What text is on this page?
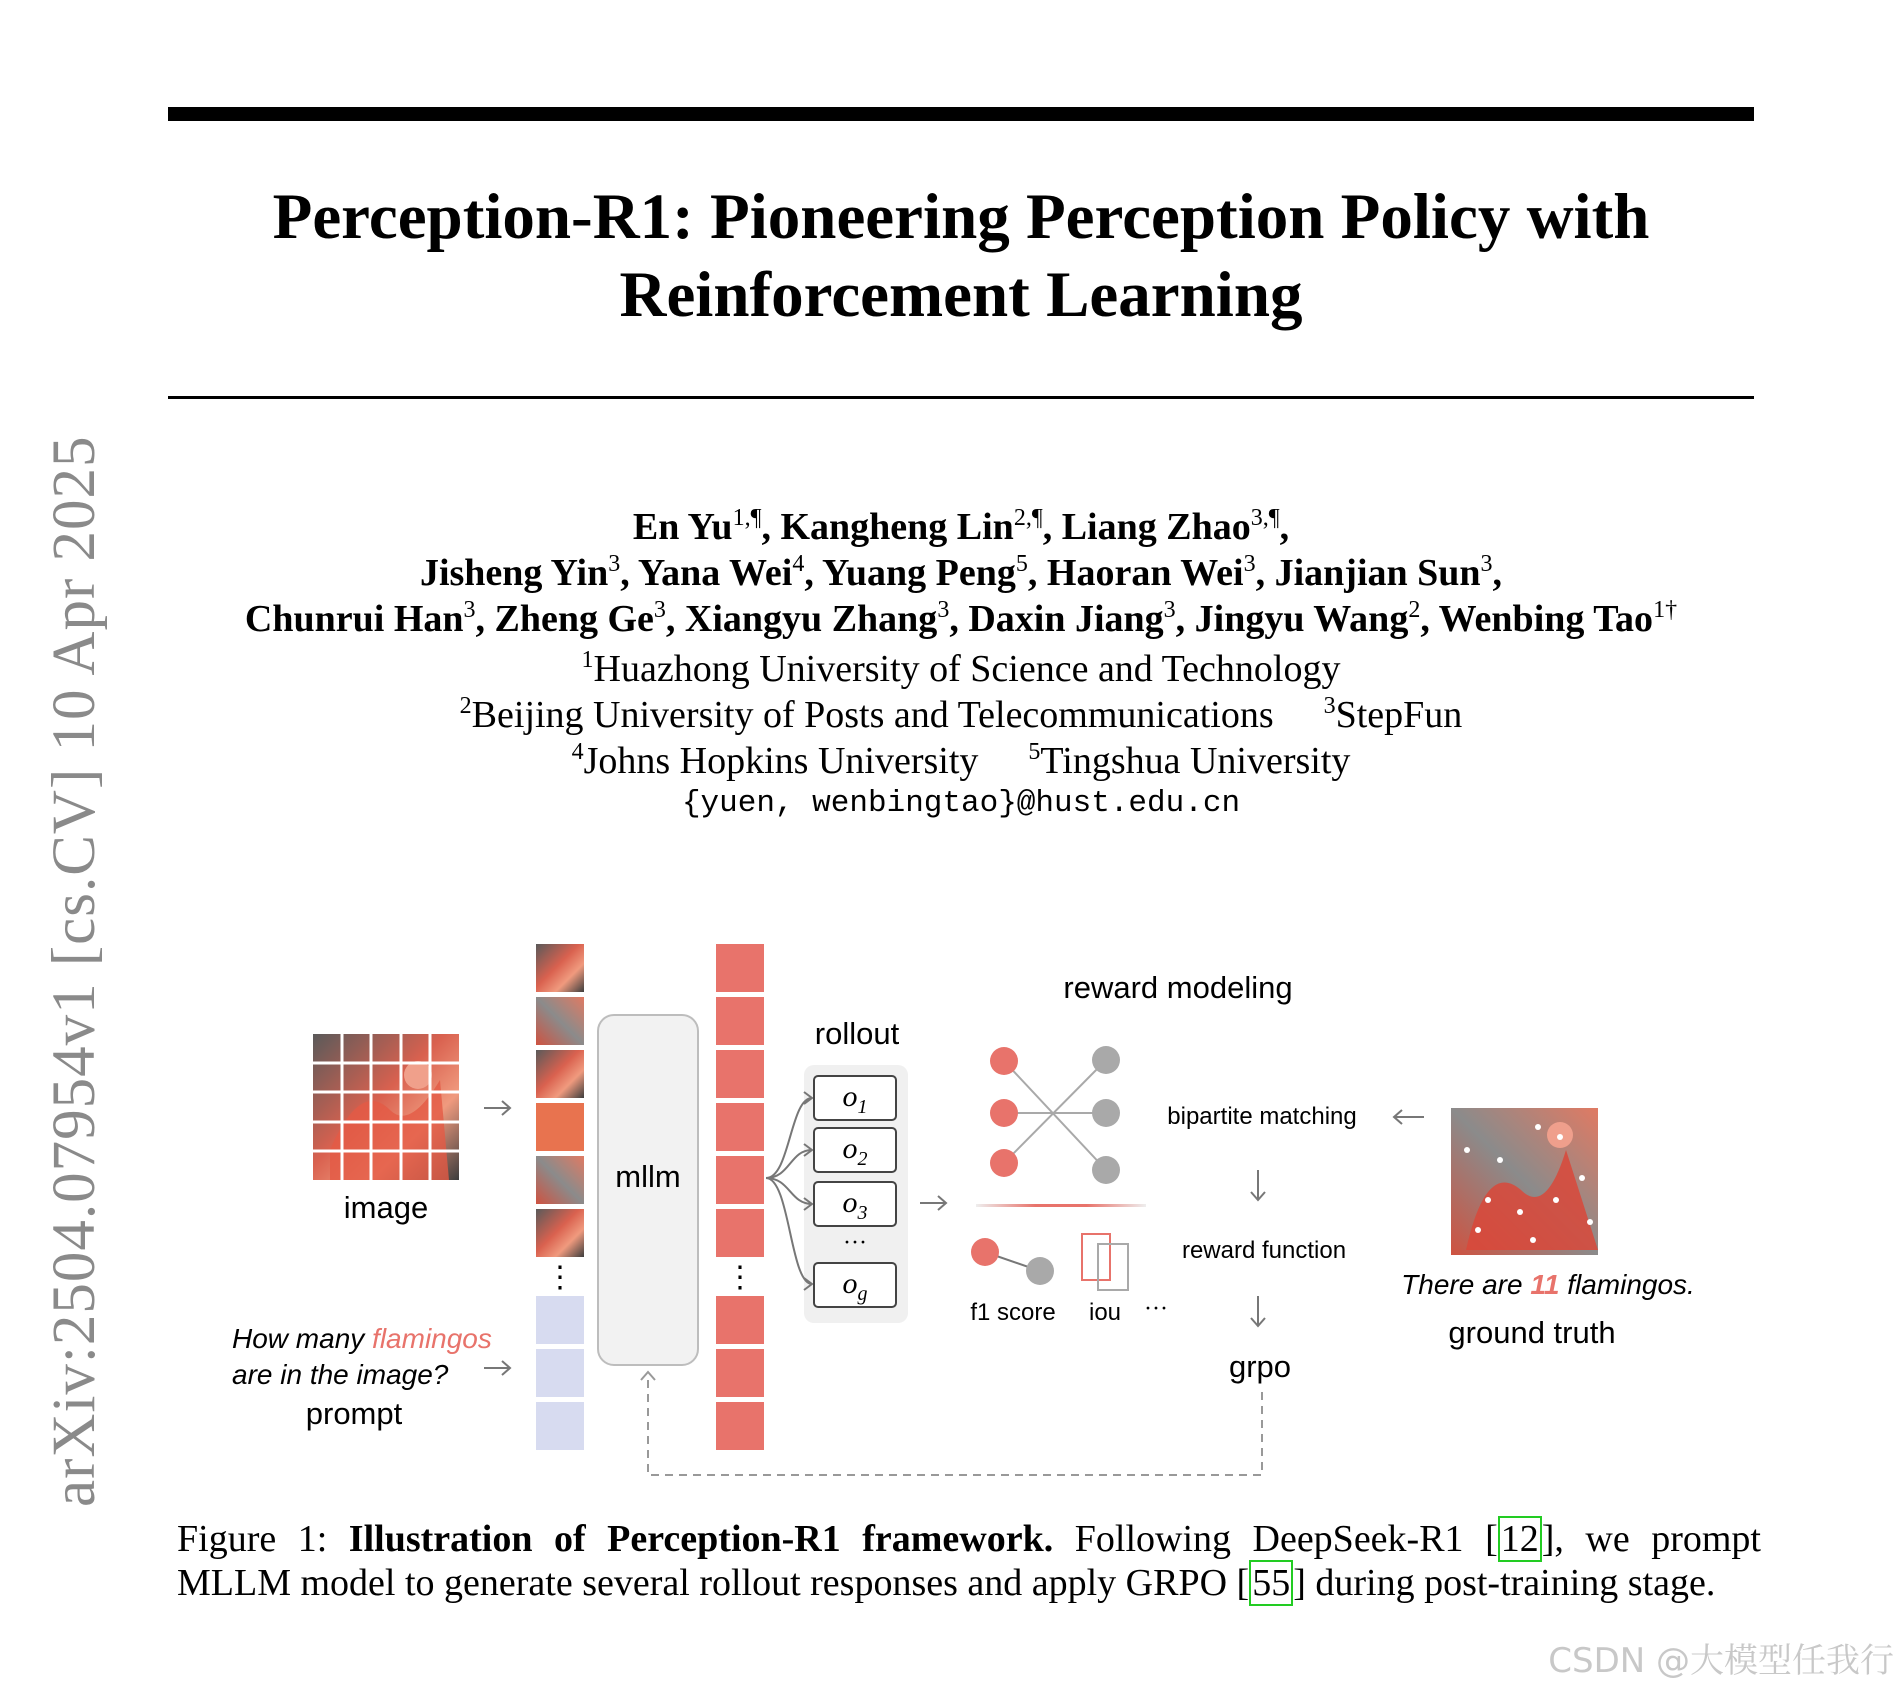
arXiv:2504.07954v1 [cs.CV] 10 Apr 2025
Perception-R1: Pioneering Perception Policy with
Reinforcement Learning
En $Yu^{1,\P}$, Kangheng Lin$^{2,\P}$, Liang Zhao$^{3,\P}$,
Jisheng Yin$^3$, Yana Wei$^4$, Yuang Peng$^5$, Haoran Wei$^3$, Jianjian Sun$^3$,
Chunrui Han$^3$, Zheng Ge$^3$, Xiangyu Zhang$^3$, Daxin Jiang$^3$, Jingyu Wang$^2$, Wenbing Tao$^{1\dagger}$
$^1$Huazhong University of Science and Technology
$^2$Beijing University of Posts and Telecommunications $^3$StepFun
$^4$Johns Hopkins University $^5$Tingshua University
{yuen, wenbingtao}@hust.edu.cn
image
How many flamingos
are in the image?
prompt
⋮
mllm
⋮
rollout
$o_1$
$o_2$
$o_3$
···
$o_g$
reward modeling
bipartite matching
f1 score iou ···
reward function
grpo
There are 11 flamingos.
ground truth
Figure 1: Illustration of Perception-R1 framework. Following DeepSeek-R1 [12], we prompt MLLM model to generate several rollout responses and apply GRPO [55] during post-training stage.
CSDN @大模型任我行
